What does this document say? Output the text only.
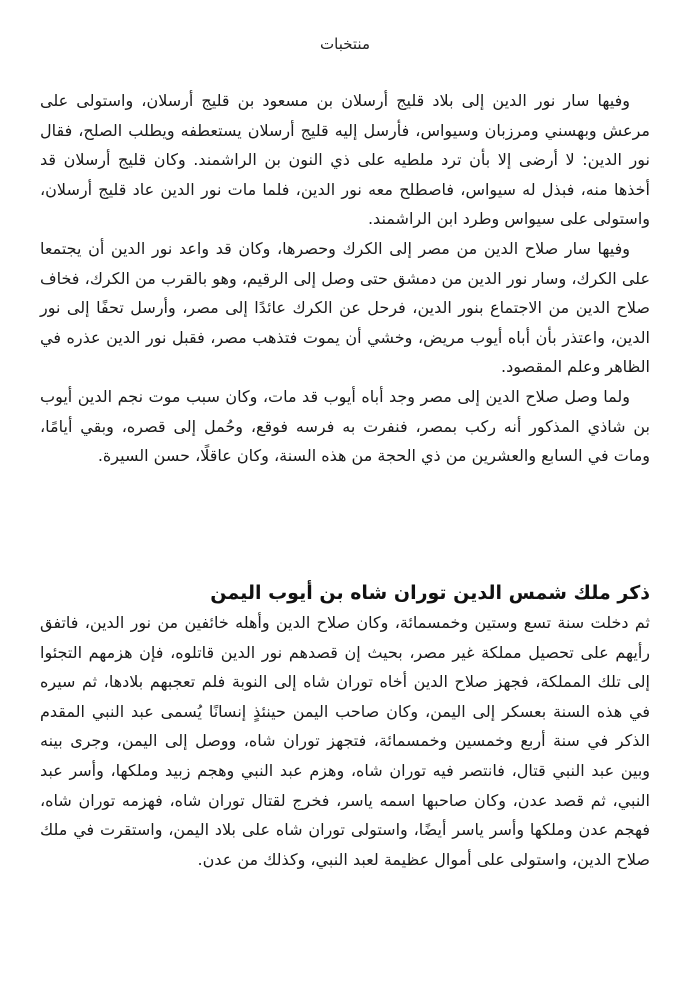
منتخبات

وفيها سار نور الدين إلى بلاد قليج أرسلان بن مسعود بن قليج أرسلان، واستولى على مرعش وبهسني ومرزبان وسيواس، فأرسل إليه قليج أرسلان يستعطفه ويطلب الصلح، فقال نور الدين: لا أرضى إلا بأن ترد ملطيه على ذي النون بن الراشمند. وكان قليج أرسلان قد أخذها منه، فبذل له سيواس، فاصطلح معه نور الدين، فلما مات نور الدين عاد قليج أرسلان، واستولى على سيواس وطرد ابن الراشمند.

وفيها سار صلاح الدين من مصر إلى الكرك وحصرها، وكان قد واعد نور الدين أن يجتمعا على الكرك، وسار نور الدين من دمشق حتى وصل إلى الرقيم، وهو بالقرب من الكرك، فخاف صلاح الدين من الاجتماع بنور الدين، فرحل عن الكرك عائدًا إلى مصر، وأرسل تحفًا إلى نور الدين، واعتذر بأن أباه أيوب مريض، وخشي أن يموت فتذهب مصر، فقبل نور الدين عذره في الظاهر وعلم المقصود.

ولما وصل صلاح الدين إلى مصر وجد أباه أيوب قد مات، وكان سبب موت نجم الدين أيوب بن شاذي المذكور أنه ركب بمصر، فنفرت به فرسه فوقع، وحُمل إلى قصره، وبقي أيامًا، ومات في السابع والعشرين من ذي الحجة من هذه السنة، وكان عاقلًا، حسن السيرة.

ذكر ملك شمس الدين توران شاه بن أيوب اليمن

ثم دخلت سنة تسع وستين وخمسمائة، وكان صلاح الدين وأهله خائفين من نور الدين، فاتفق رأيهم على تحصيل مملكة غير مصر، بحيث إن قصدهم نور الدين قاتلوه، فإن هزمهم التجئوا إلى تلك المملكة، فجهز صلاح الدين أخاه توران شاه إلى النوبة فلم تعجبهم بلادها، ثم سيره في هذه السنة بعسكر إلى اليمن، وكان صاحب اليمن حينئذٍ إنسانًا يُسمى عبد النبي المقدم الذكر في سنة أربع وخمسين وخمسمائة، فتجهز توران شاه، ووصل إلى اليمن، وجرى بينه وبين عبد النبي قتال، فانتصر فيه توران شاه، وهزم عبد النبي وهجم زبيد وملكها، وأسر عبد النبي، ثم قصد عدن، وكان صاحبها اسمه ياسر، فخرج لقتال توران شاه، فهزمه توران شاه، فهجم عدن وملكها وأسر ياسر أيضًا، واستولى توران شاه على بلاد اليمن، واستقرت في ملك صلاح الدين، واستولى على أموال عظيمة لعبد النبي، وكذلك من عدن.
